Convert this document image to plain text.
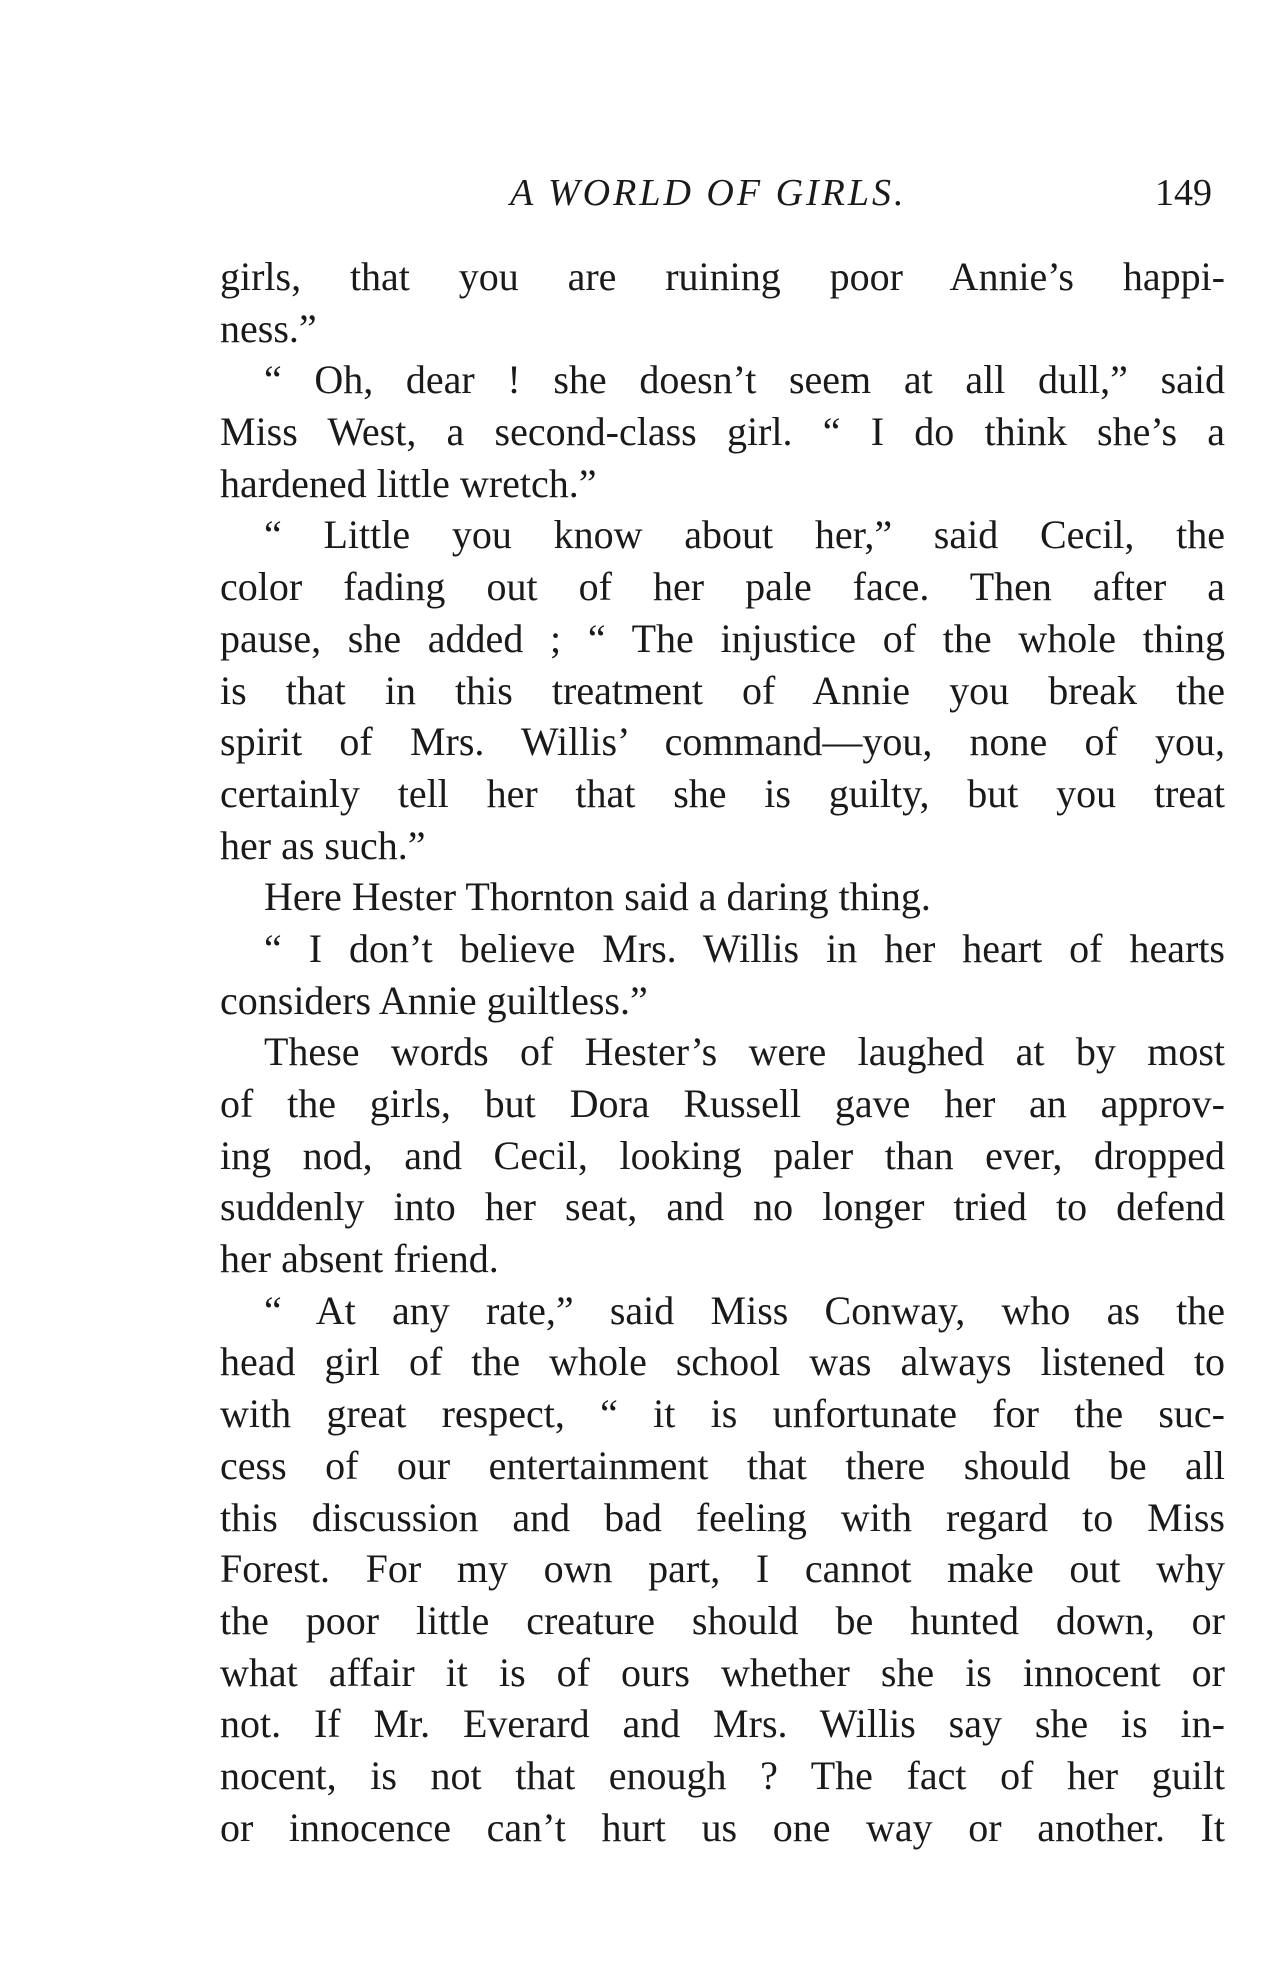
A WORLD OF GIRLS.	149
girls, that you are ruining poor Annie’s happi-
ness.”
“ Oh, dear ! she doesn’t seem at all dull,” said
Miss West, a second-class girl. “ I do think she’s a
hardened little wretch.”
“ Little you know about her,” said Cecil, the
color fading out of her pale face. Then after a
pause, she added ; “ The injustice of the whole thing
is that in this treatment of Annie you break the
spirit of Mrs. Willis’ command—you, none of you,
certainly tell her that she is guilty, but you treat
her as such.”
Here Hester Thornton said a daring thing.
“ I don’t believe Mrs. Willis in her heart of hearts
considers Annie guiltless.”
These words of Hester’s were laughed at by most
of the girls, but Dora Russell gave her an approv-
ing nod, and Cecil, looking paler than ever, dropped
suddenly into her seat, and no longer tried to defend
her absent friend.
“ At any rate,” said Miss Conway, who as the
head girl of the whole school was always listened to
with great respect, “ it is unfortunate for the suc-
cess of our entertainment that there should be all
this discussion and bad feeling with regard to Miss
Forest. For my own part, I cannot make out why
the poor little creature should be hunted down, or
what affair it is of ours whether she is innocent or
not. If Mr. Everard and Mrs. Willis say she is in-
nocent, is not that enough ? The fact of her guilt
or innocence can’t hurt us one way or another. It
